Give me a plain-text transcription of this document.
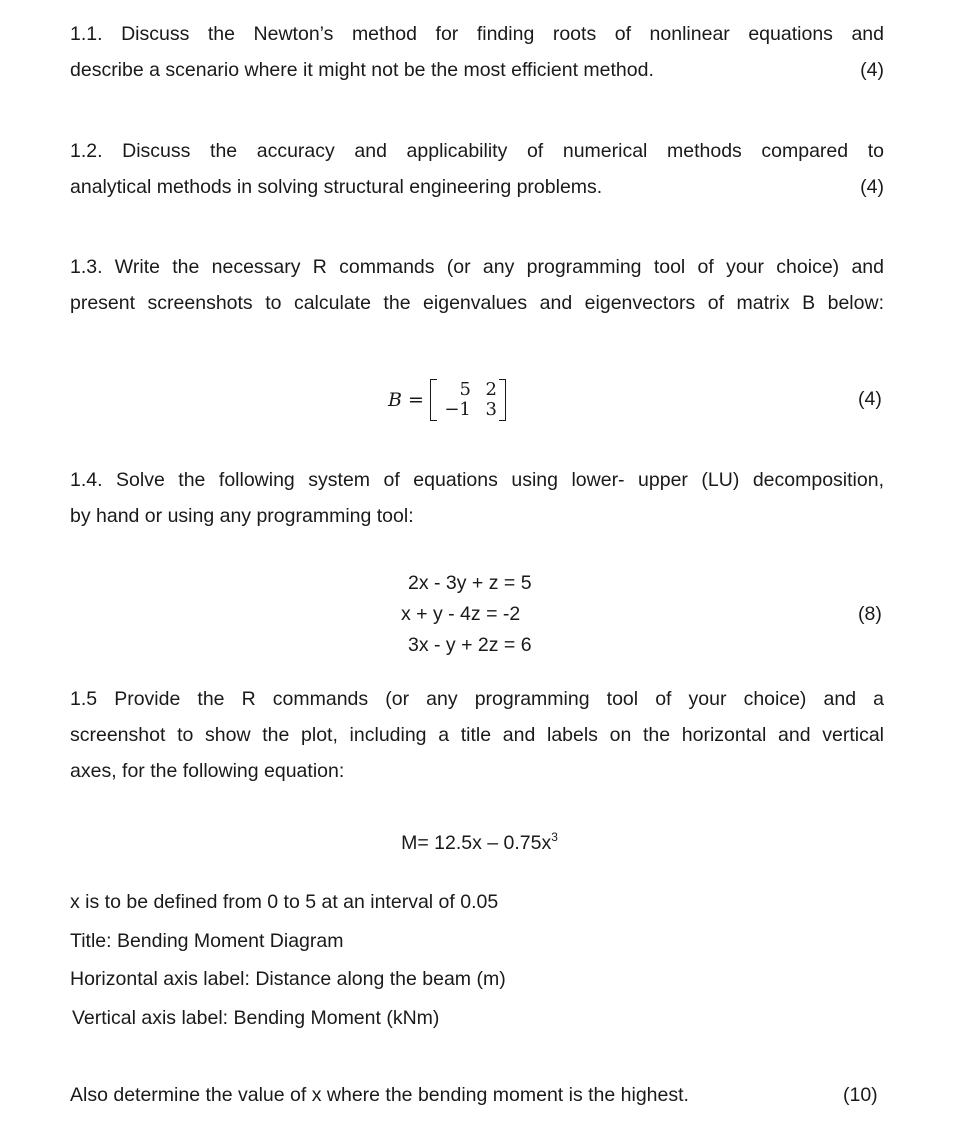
1.1. Discuss the Newton’s method for finding roots of nonlinear equations and
describe a scenario where it might not be the most efficient method.	(4)
1.2. Discuss the accuracy and applicability of numerical methods compared to
analytical methods in solving structural engineering problems.	(4)
1.3. Write the necessary R commands (or any programming tool of your choice) and
present screenshots to calculate the eigenvalues and eigenvectors of matrix B below:
B =	5 2
−1 3	(4)
1.4. Solve the following system of equations using lower- upper (LU) decomposition,
by hand or using any programming tool:
2x - 3y + z = 5
x + y - 4z = -2
3x - y + 2z = 6
(8)
1.5 Provide the R commands (or any programming tool of your choice) and a
screenshot to show the plot, including a title and labels on the horizontal and vertical
axes, for the following equation:
$M= 12.5x - 0.75x^3$
x is to be defined from 0 to 5 at an interval of 0.05
Title: Bending Moment Diagram
Horizontal axis label: Distance along the beam (m)
Vertical axis label: Bending Moment (kNm)
Also determine the value of x where the bending moment is the highest.	(10)
